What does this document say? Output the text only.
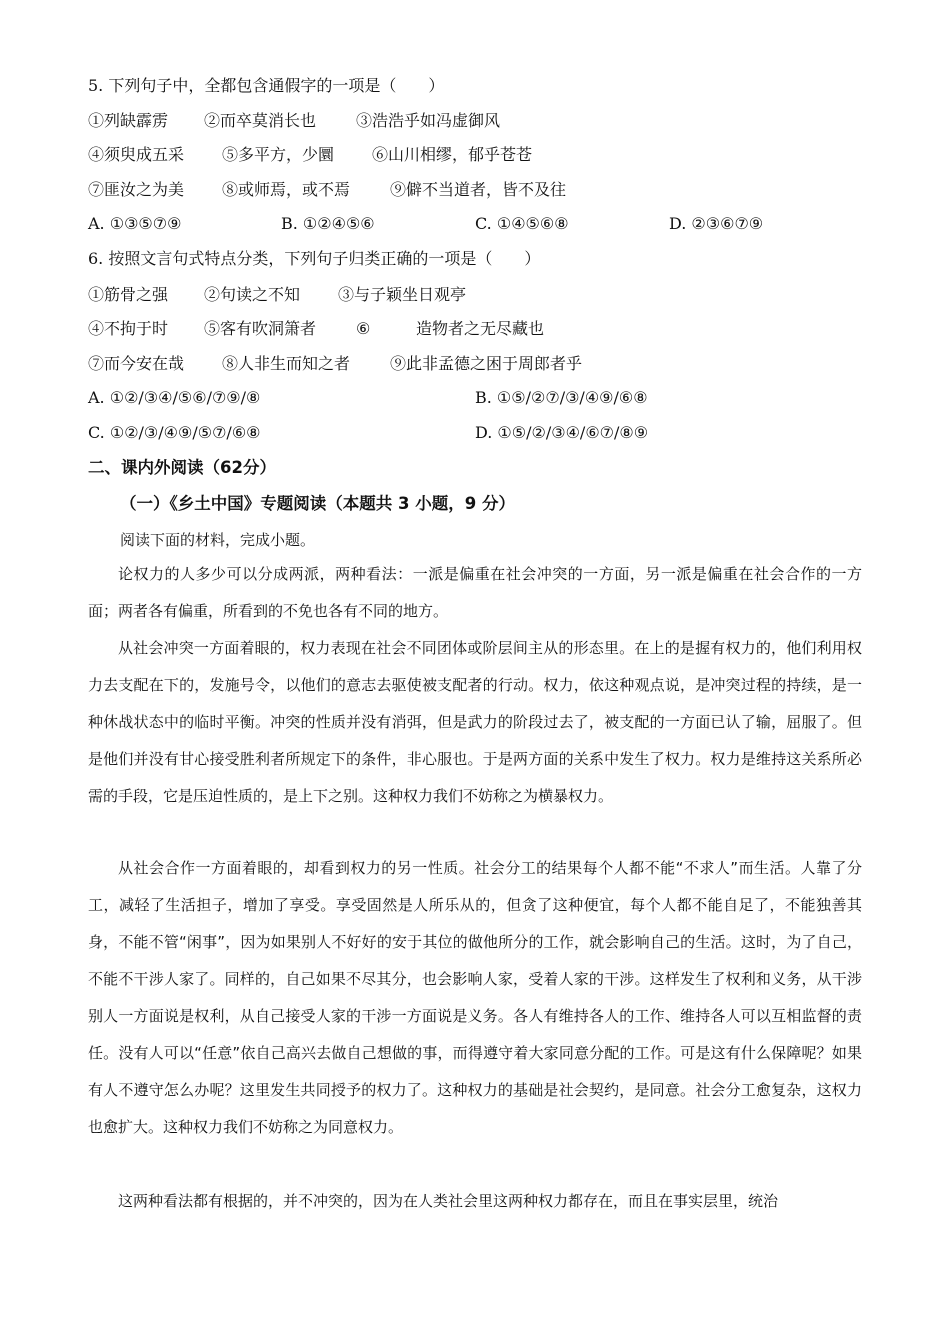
5. 下列句子中，全都包含通假字的一项是（　　）
①列缺霹雳 ②而卒莫消长也 ③浩浩乎如冯虚御风
④须臾成五采 ⑤多平方，少圜 ⑥山川相缪，郁乎苍苍
⑦匪汝之为美 ⑧或师焉，或不焉 ⑨僻不当道者，皆不及往
A. ①③⑤⑦⑨	B. ①②④⑤⑥	C. ①④⑤⑥⑧	D. ②③⑥⑦⑨
6. 按照文言句式特点分类，下列句子归类正确的一项是（　　）
①筋骨之强 ②句读之不知 ③与子颖坐日观亭
④不拘于时 ⑤客有吹洞箫者 ⑥	造物者之无尽藏也
⑦而今安在哉 ⑧人非生而知之者 ⑨此非孟德之困于周郎者乎
A. ①②/③④/⑤⑥/⑦⑨/⑧	B. ①⑤/②⑦/③/④⑨/⑥⑧
C. ①②/③/④⑨/⑤⑦/⑥⑧	D. ①⑤/②/③④/⑥⑦/⑧⑨
二、课内外阅读（62分）
（一）《乡土中国》专题阅读（本题共 3 小题，9 分）
阅读下面的材料，完成小题。
论权力的人多少可以分成两派，两种看法：一派是偏重在社会冲突的一方面，另一派是偏重在社会合作的一方面；两者各有偏重，所看到的不免也各有不同的地方。
从社会冲突一方面着眼的，权力表现在社会不同团体或阶层间主从的形态里。在上的是握有权力的，他们利用权力去支配在下的，发施号令，以他们的意志去驱使被支配者的行动。权力，依这种观点说，是冲突过程的持续，是一种休战状态中的临时平衡。冲突的性质并没有消弭，但是武力的阶段过去了，被支配的一方面已认了输，屈服了。但是他们并没有甘心接受胜利者所规定下的条件，非心服也。于是两方面的关系中发生了权力。权力是维持这关系所必需的手段，它是压迫性质的，是上下之别。这种权力我们不妨称之为横暴权力。
从社会合作一方面着眼的，却看到权力的另一性质。社会分工的结果每个人都不能“不求人”而生活。人靠了分工，减轻了生活担子，增加了享受。享受固然是人所乐从的，但贪了这种便宜，每个人都不能自足了，不能独善其身，不能不管“闲事”，因为如果别人不好好的安于其位的做他所分的工作，就会影响自己的生活。这时，为了自己，不能不干涉人家了。同样的，自己如果不尽其分，也会影响人家，受着人家的干涉。这样发生了权利和义务，从干涉别人一方面说是权利，从自己接受人家的干涉一方面说是义务。各人有维持各人的工作、维持各人可以互相监督的责任。没有人可以“任意”依自己高兴去做自己想做的事，而得遵守着大家同意分配的工作。可是这有什么保障呢？如果有人不遵守怎么办呢？这里发生共同授予的权力了。这种权力的基础是社会契约，是同意。社会分工愈复杂，这权力也愈扩大。这种权力我们不妨称之为同意权力。
这两种看法都有根据的，并不冲突的，因为在人类社会里这两种权力都存在，而且在事实层里，统治
